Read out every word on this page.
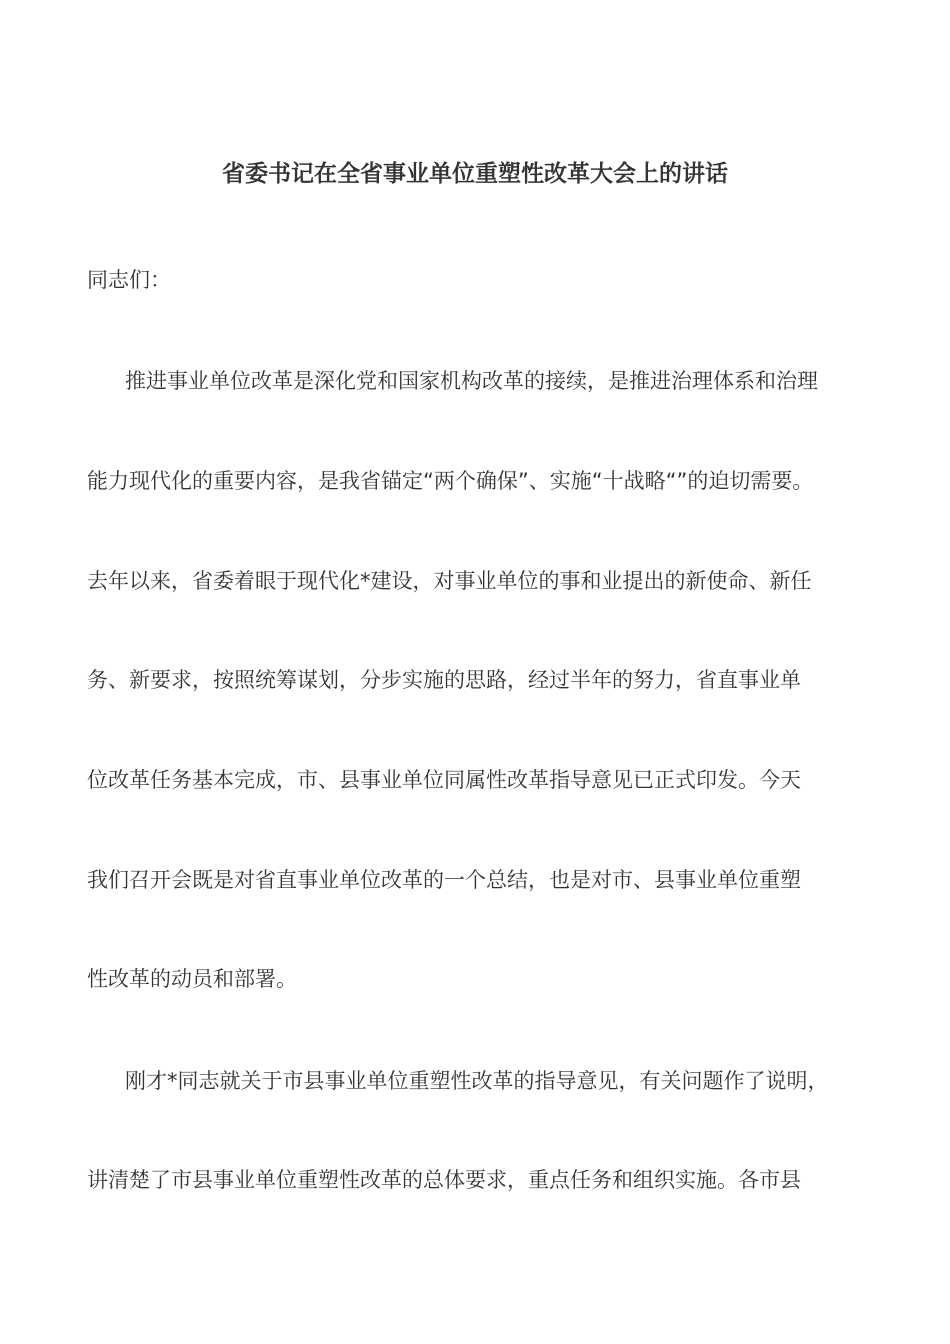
省委书记在全省事业单位重塑性改革大会上的讲话

同志们：

推进事业单位改革是深化党和国家机构改革的接续，是推进治理体系和治理

能力现代化的重要内容，是我省锚定“两个确保”、实施“十战略“”的迫切需要。

去年以来，省委着眼于现代化*建设，对事业单位的事和业提出的新使命、新任

务、新要求，按照统筹谋划，分步实施的思路，经过半年的努力，省直事业单

位改革任务基本完成，市、县事业单位同属性改革指导意见已正式印发。今天

我们召开会既是对省直事业单位改革的一个总结，也是对市、县事业单位重塑

性改革的动员和部署。

刚才*同志就关于市县事业单位重塑性改革的指导意见，有关问题作了说明，

讲清楚了市县事业单位重塑性改革的总体要求，重点任务和组织实施。各市县
